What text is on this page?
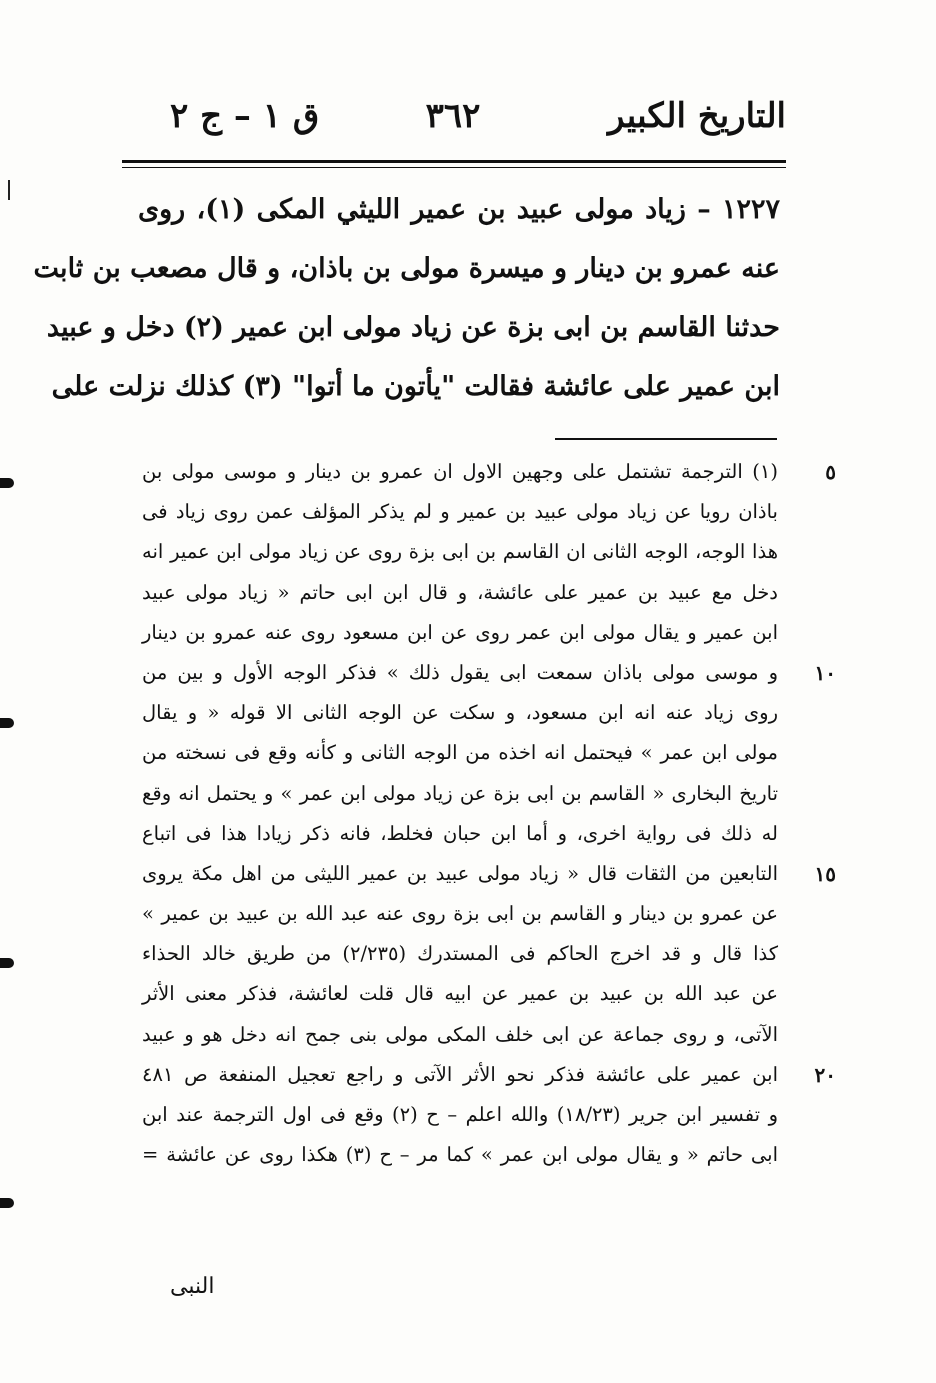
التاريخ الكبير
٣٦٢
ق ١ – ج ٢
١٢٢٧ – زياد مولى عبيد بن عمير الليثي المكى (١)، روى
عنه عمرو بن دينار و ميسرة مولى بن باذان، و قال مصعب بن ثابت
حدثنا القاسم بن ابى بزة عن زياد مولى ابن عمير (٢) دخل و عبيد
ابن عمير على عائشة فقالت "يأتون ما أتوا" (٣) كذلك نزلت على
٥
(١) الترجمة تشتمل على وجهين الاول ان عمرو بن دينار و موسى مولى بن
باذان رويا عن زياد مولى عبيد بن عمير و لم يذكر المؤلف عمن روى زياد فى
هذا الوجه، الوجه الثانى ان القاسم بن ابى بزة روى عن زياد مولى ابن عمير انه
دخل مع عبيد بن عمير على عائشة، و قال ابن ابى حاتم « زياد مولى عبيد
ابن عمير و يقال مولى ابن عمر روى عن ابن مسعود روى عنه عمرو بن دينار
١٠
و موسى مولى باذان سمعت ابى يقول ذلك » فذكر الوجه الأول و بين من
روى زياد عنه انه ابن مسعود، و سكت عن الوجه الثانى الا قوله « و يقال
مولى ابن عمر » فيحتمل انه اخذه من الوجه الثانى و كأنه وقع فى نسخته من
تاريخ البخارى « القاسم بن ابى بزة عن زياد مولى ابن عمر » و يحتمل انه وقع
له ذلك فى رواية اخرى، و أما ابن حبان فخلط، فانه ذكر زيادا هذا فى اتباع
١٥
التابعين من الثقات قال « زياد مولى عبيد بن عمير الليثى من اهل مكة يروى
عن عمرو بن دينار و القاسم بن ابى بزة روى عنه عبد الله بن عبيد بن عمير »
كذا قال و قد اخرج الحاكم فى المستدرك (٢/٢٣٥) من طريق خالد الحذاء
عن عبد الله بن عبيد بن عمير عن ابيه قال قلت لعائشة، فذكر معنى الأثر
الآتى، و روى جماعة عن ابى خلف المكى مولى بنى جمح انه دخل هو و عبيد
٢٠
ابن عمير على عائشة فذكر نحو الأثر الآتى و راجع تعجيل المنفعة ص ٤٨١
و تفسير ابن جرير (١٨/٢٣) والله اعلم – ح (٢) وقع فى اول الترجمة عند ابن
ابى حاتم « و يقال مولى ابن عمر » كما مر – ح (٣) هكذا روى عن عائشة =
النبى
